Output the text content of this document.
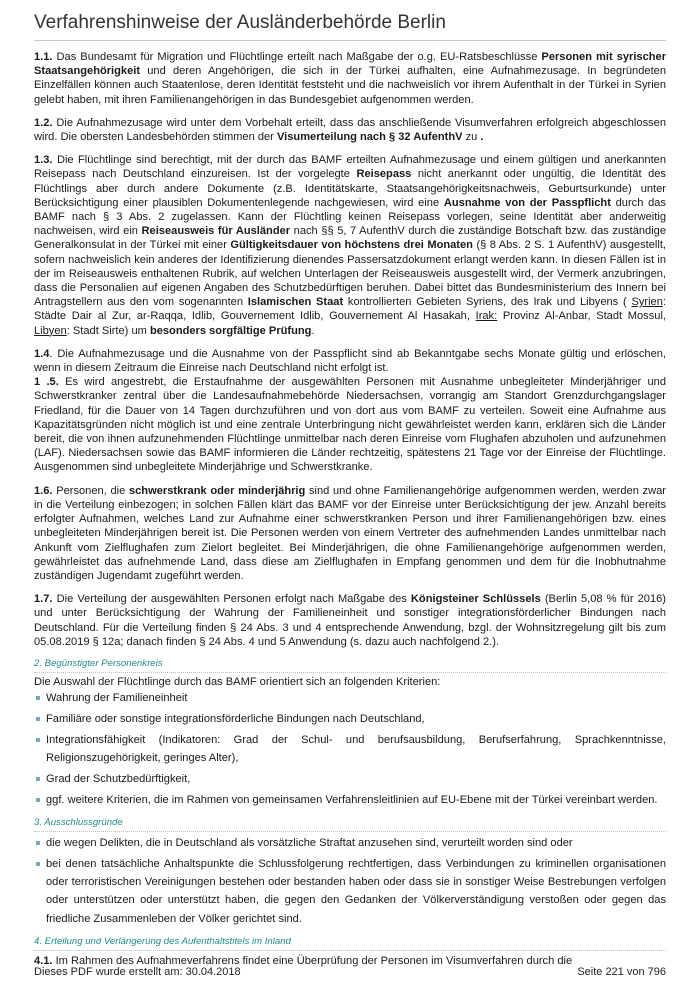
Verfahrenshinweise der Ausländerbehörde Berlin

1.1. Das Bundesamt für Migration und Flüchtlinge erteilt nach Maßgabe der o.g. EU-Ratsbeschlüsse Personen mit syrischer Staatsangehörigkeit und deren Angehörigen, die sich in der Türkei aufhalten, eine Aufnahmezusage. In begründeten Einzelfällen können auch Staatenlose, deren Identität feststeht und die nachweislich vor ihrem Aufenthalt in der Türkei in Syrien gelebt haben, mit ihren Familienangehörigen in das Bundesgebiet aufgenommen werden.

1.2. Die Aufnahmezusage wird unter dem Vorbehalt erteilt, dass das anschließende Visumverfahren erfolgreich abgeschlossen wird. Die obersten Landesbehörden stimmen der Visumerteilung nach § 32 AufenthV zu .

1.3. Die Flüchtlinge sind berechtigt, mit der durch das BAMF erteilten Aufnahmezusage und einem gültigen und anerkannten Reisepass nach Deutschland einzureisen. Ist der vorgelegte Reisepass nicht anerkannt oder ungültig, die Identität des Flüchtlings aber durch andere Dokumente (z.B. Identitätskarte, Staatsangehörigkeitsnachweis, Geburtsurkunde) unter Berücksichtigung einer plausiblen Dokumentenlegende nachgewiesen, wird eine Ausnahme von der Passpflicht durch das BAMF nach § 3 Abs. 2 zugelassen. Kann der Flüchtling keinen Reisepass vorlegen, seine Identität aber anderweitig nachweisen, wird ein Reiseausweis für Ausländer nach §§ 5, 7 AufenthV durch die zuständige Botschaft bzw. das zuständige Generalkonsulat in der Türkei mit einer Gültigkeitsdauer von höchstens drei Monaten (§ 8 Abs. 2 S. 1 AufenthV) ausgestellt, sofern nachweislich kein anderes der Identifizierung dienendes Passersatzdokument erlangt werden kann. In diesen Fällen ist in der im Reiseausweis enthaltenen Rubrik, auf welchen Unterlagen der Reiseausweis ausgestellt wird, der Vermerk anzubringen, dass die Personalien auf eigenen Angaben des Schutzbedürftigen beruhen. Dabei bittet das Bundesministerium des Innern bei Antragstellern aus den vom sogenannten Islamischen Staat kontrollierten Gebieten Syriens, des Irak und Libyens ( Syrien: Städte Dair al Zur, ar-Raqqa, Idlib, Gouvernement Idlib, Gouvernement Al Hasakah, Irak: Provinz Al-Anbar, Stadt Mossul, Libyen: Stadt Sirte) um besonders sorgfältige Prüfung.

1.4. Die Aufnahmezusage und die Ausnahme von der Passpflicht sind ab Bekanntgabe sechs Monate gültig und erlöschen, wenn in diesem Zeitraum die Einreise nach Deutschland nicht erfolgt ist.

1 .5. Es wird angestrebt, die Erstaufnahme der ausgewählten Personen mit Ausnahme unbegleiteter Minderjähriger und Schwerstkranker zentral über die Landesaufnahmebehörde Niedersachsen, vorrangig am Standort Grenzdurchgangslager Friedland, für die Dauer von 14 Tagen durchzuführen und von dort aus vom BAMF zu verteilen. Soweit eine Aufnahme aus Kapazitätsgründen nicht möglich ist und eine zentrale Unterbringung nicht gewährleistet werden kann, erklären sich die Länder bereit, die von ihnen aufzunehmenden Flüchtlinge unmittelbar nach deren Einreise vom Flughafen abzuholen und aufzunehmen (LAF). Niedersachsen sowie das BAMF informieren die Länder rechtzeitig, spätestens 21 Tage vor der Einreise der Flüchtlinge. Ausgenommen sind unbegleitete Minderjährige und Schwerstkranke.

1.6. Personen, die schwerstkrank oder minderjährig sind und ohne Familienangehörige aufgenommen werden, werden zwar in die Verteilung einbezogen; in solchen Fällen klärt das BAMF vor der Einreise unter Berücksichtigung der jew. Anzahl bereits erfolgter Aufnahmen, welches Land zur Aufnahme einer schwerstkranken Person und ihrer Familienangehörigen bzw. eines unbegleiteten Minderjährigen bereit ist. Die Personen werden von einem Vertreter des aufnehmenden Landes unmittelbar nach Ankunft vom Zielflughafen zum Zielort begleitet. Bei Minderjährigen, die ohne Familienangehörige aufgenommen werden, gewährleistet das aufnehmende Land, dass diese am Zielflughafen in Empfang genommen und dem für die Inobhutnahme zuständigen Jugendamt zugeführt werden.

1.7. Die Verteilung der ausgewählten Personen erfolgt nach Maßgabe des Königsteiner Schlüssels (Berlin 5,08 % für 2016) und unter Berücksichtigung der Wahrung der Familieneinheit und sonstiger integrationsförderlicher Bindungen nach Deutschland. Für die Verteilung finden § 24 Abs. 3 und 4 entsprechende Anwendung, bzgl. der Wohnsitzregelung gilt bis zum 05.08.2019 § 12a; danach finden § 24 Abs. 4 und 5 Anwendung (s. dazu auch nachfolgend 2.).

2. Begünstigter Personenkreis

Die Auswahl der Flüchtlinge durch das BAMF orientiert sich an folgenden Kriterien:

Wahrung der Familieneinheit
Familiäre oder sonstige integrationsförderliche Bindungen nach Deutschland,
Integrationsfähigkeit (Indikatoren: Grad der Schul- und berufsausbildung, Berufserfahrung, Sprachkenntnisse, Religionszugehörigkeit, geringes Alter),
Grad der Schutzbedürftigkeit,
ggf. weitere Kriterien, die im Rahmen von gemeinsamen Verfahrensleitlinien auf EU-Ebene mit der Türkei vereinbart werden.
3. Ausschlussgründe
die wegen Delikten, die in Deutschland als vorsätzliche Straftat anzusehen sind, verurteilt worden sind oder
bei denen tatsächliche Anhaltspunkte die Schlussfolgerung rechtfertigen, dass Verbindungen zu kriminellen organisationen oder terroristischen Vereinigungen bestehen oder bestanden haben oder dass sie in sonstiger Weise Bestrebungen verfolgen oder unterstützen oder unterstützt haben, die gegen den Gedanken der Völkerverständigung verstoßen oder gegen das friedliche Zusammenleben der Völker gerichtet sind.
4. Erteilung und Verlängerung des Aufenthaltstitels im Inland

4.1. Im Rahmen des Aufnahmeverfahrens findet eine Überprüfung der Personen im Visumverfahren durch die

Dieses PDF wurde erstellt am: 30.04.2018	Seite 221 von 796
